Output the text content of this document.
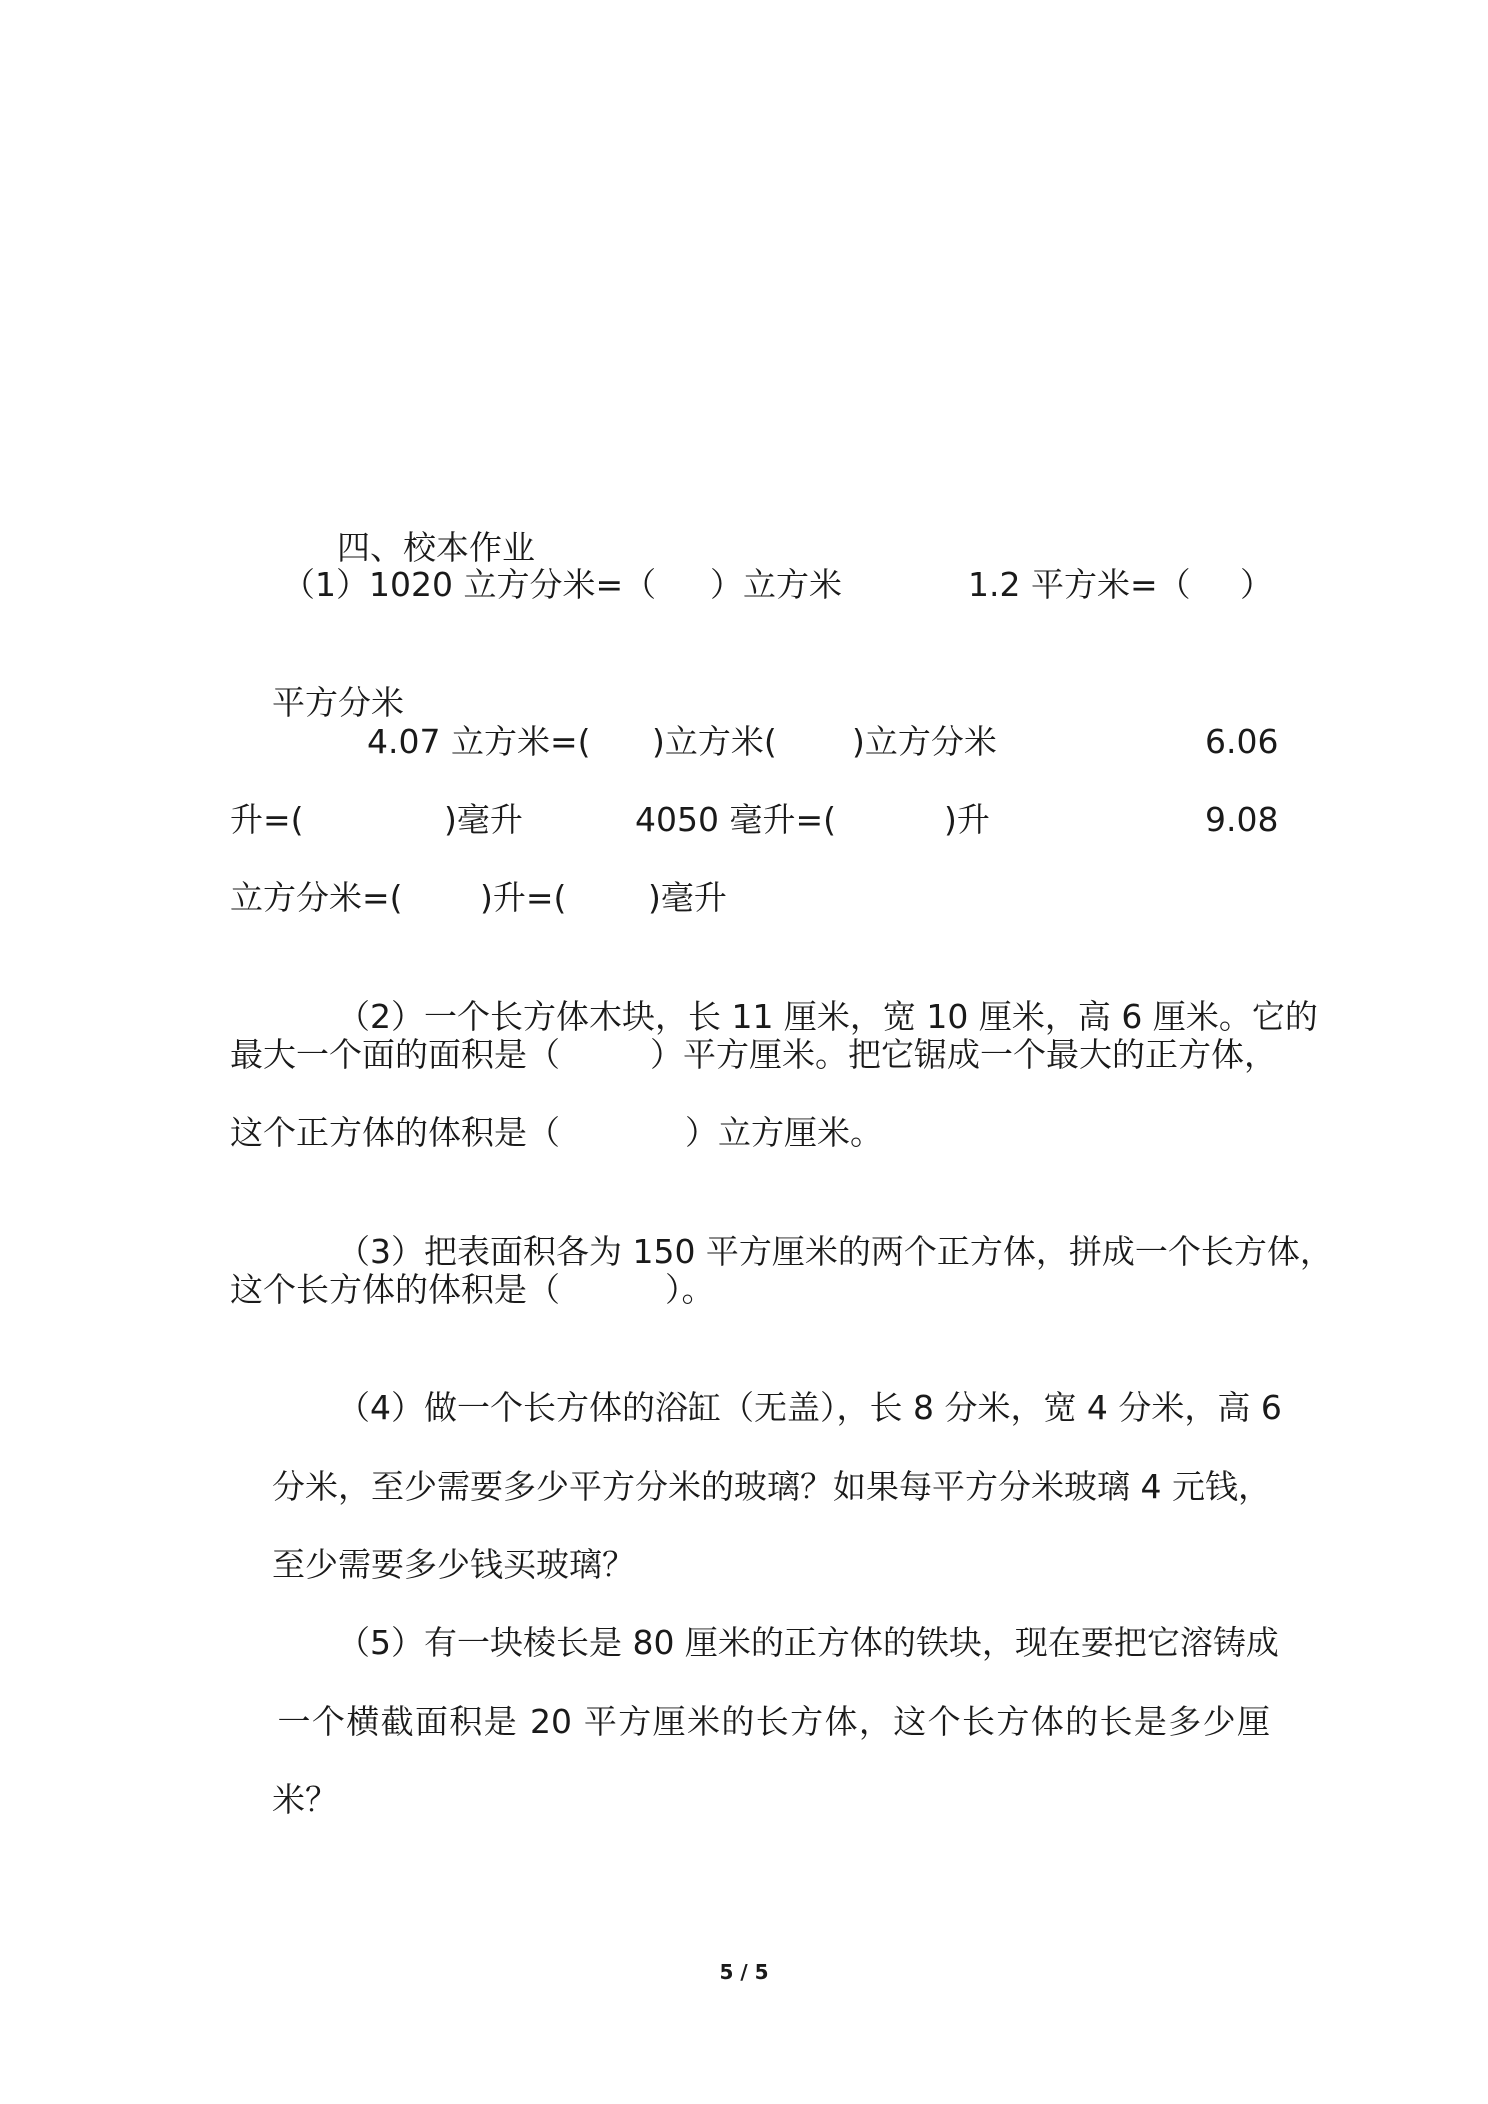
四、校本作业

（1）1020 立方分米=（

）立方米

	1.2 平方米=（

）

平方分米

4.07 立方米=(

)立方米(

)立方分米

	6.06

升=(

	)毫升

	4050 毫升=(

	)升

	9.08

立方分米=(

)升=(

)毫升

（2）一个长方体木块，长 11 厘米，宽 10 厘米，高 6 厘米。它的

最大一个面的面积是（

	）平方厘米。把它锯成一个最大的正方体，

这个正方体的体积是（

	）立方厘米。

（3）把表面积各为 150 平方厘米的两个正方体，拼成一个长方体，

这个长方体的体积是（

	）。

（4）做一个长方体的浴缸（无盖），长 8 分米，宽 4 分米，高 6

分米，至少需要多少平方分米的玻璃？如果每平方分米玻璃 4 元钱，

至少需要多少钱买玻璃？

（5）有一块棱长是 80 厘米的正方体的铁块，现在要把它溶铸成

一个横截面积是 20 平方厘米的长方体，这个长方体的长是多少厘

米？

5 / 5
